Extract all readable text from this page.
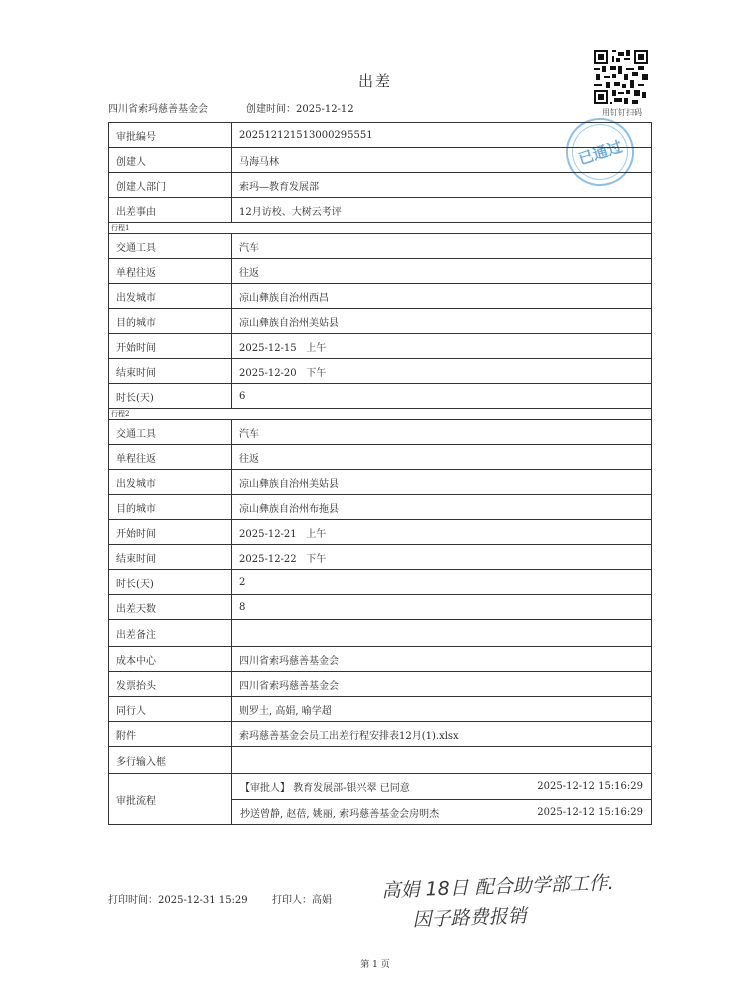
出差
四川省索玛慈善基金会	创建时间：2025-12-12	用钉钉扫码
已通过
审批编号	202512121513000295551
创建人	马海马林
创建人部门	索玛—教育发展部
出差事由	12月访校、大树云考评
行程1	
交通工具	汽车
单程往返	往返
出发城市	凉山彝族自治州西昌
目的城市	凉山彝族自治州美姑县
开始时间	2025-12-15   上午
结束时间	2025-12-20   下午
时长(天)	6
行程2	
交通工具	汽车
单程往返	往返
出发城市	凉山彝族自治州美姑县
目的城市	凉山彝族自治州布拖县
开始时间	2025-12-21   上午
结束时间	2025-12-22   下午
时长(天)	2
出差天数	8
出差备注	
成本中心	四川省索玛慈善基金会
发票抬头	四川省索玛慈善基金会
同行人	则罗土, 高娟, 喻学超
附件	索玛慈善基金会员工出差行程安排表12月(1).xlsx
多行输入框	
审批流程	【审批人】 教育发展部-银兴翠 已同意 2025-12-12 15:16:29
抄送曾静, 赵蓓, 姚丽, 索玛慈善基金会房明杰 2025-12-12 15:16:29
打印时间：2025-12-31 15:29 打印人：高娟	高娟 18日 配合助学部工作.
因子路费报销
第 1 页
